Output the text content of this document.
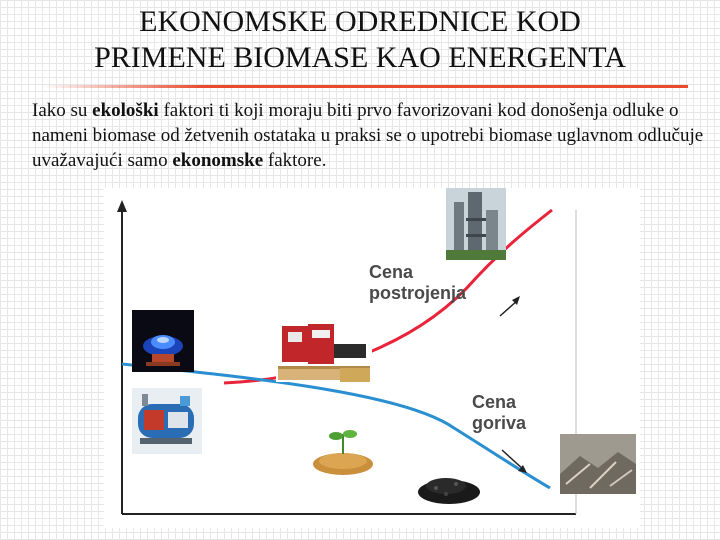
EKONOMSKE ODREDNICE KOD
PRIMENE BIOMASE KAO ENERGENTA
Iako su ekološki faktori ti koji moraju biti prvo favorizovani kod donošenja odluke o nameni biomase od žetvenih ostataka u praksi se o upotrebi biomase uglavnom odlučuje uvažavajući samo ekonomske faktore.
Cena
postrojenja
Cena
goriva
